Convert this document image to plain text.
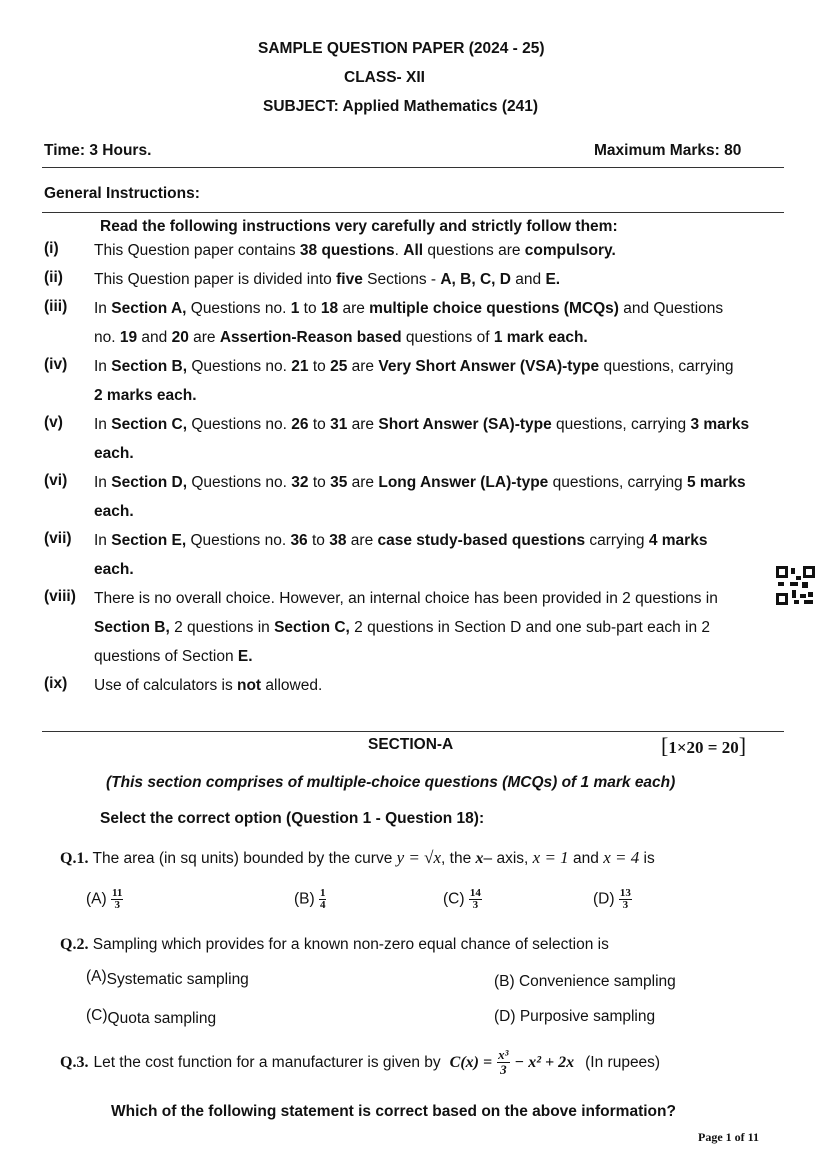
SAMPLE QUESTION PAPER (2024 - 25)
CLASS- XII
SUBJECT: Applied Mathematics (241)
Time: 3 Hours.	Maximum Marks: 80
General Instructions:
Read the following instructions very carefully and strictly follow them:
(i) This Question paper contains 38 questions. All questions are compulsory.
(ii) This Question paper is divided into five Sections - A, B, C, D and E.
(iii) In Section A, Questions no. 1 to 18 are multiple choice questions (MCQs) and Questions
no. 19 and 20 are Assertion-Reason based questions of 1 mark each.
(iv) In Section B, Questions no. 21 to 25 are Very Short Answer (VSA)-type questions, carrying
2 marks each.
(v) In Section C, Questions no. 26 to 31 are Short Answer (SA)-type questions, carrying 3 marks
each.
(vi) In Section D, Questions no. 32 to 35 are Long Answer (LA)-type questions, carrying 5 marks
each.
(vii) In Section E, Questions no. 36 to 38 are case study-based questions carrying 4 marks
each.
(viii) There is no overall choice. However, an internal choice has been provided in 2 questions in
Section B, 2 questions in Section C, 2 questions in Section D and one sub-part each in 2
questions of Section E.
(ix) Use of calculators is not allowed.
SECTION-A	[1×20 = 20]
(This section comprises of multiple-choice questions (MCQs) of 1 mark each)
Select the correct option (Question 1 - Question 18):
Q.1. The area (in sq units) bounded by the curve y = √x, the x– axis, x = 1 and x = 4 is
$(A) \frac{11}{3}$	$(B) \frac{1}{4}$	$(C) \frac{14}{3}$	$(D) \frac{13}{3}$
Q.2. Sampling which provides for a known non-zero equal chance of selection is
(A)Systematic sampling	(B) Convenience sampling
(C)Quota sampling	(D) Purposive sampling
Q.3. Let the cost function for a manufacturer is given by $C(x) = \frac{\text{x³}}{3} - x^2 + 2x$ (In rupees)
Which of the following statement is correct based on the above information?
Page 1 of 11
